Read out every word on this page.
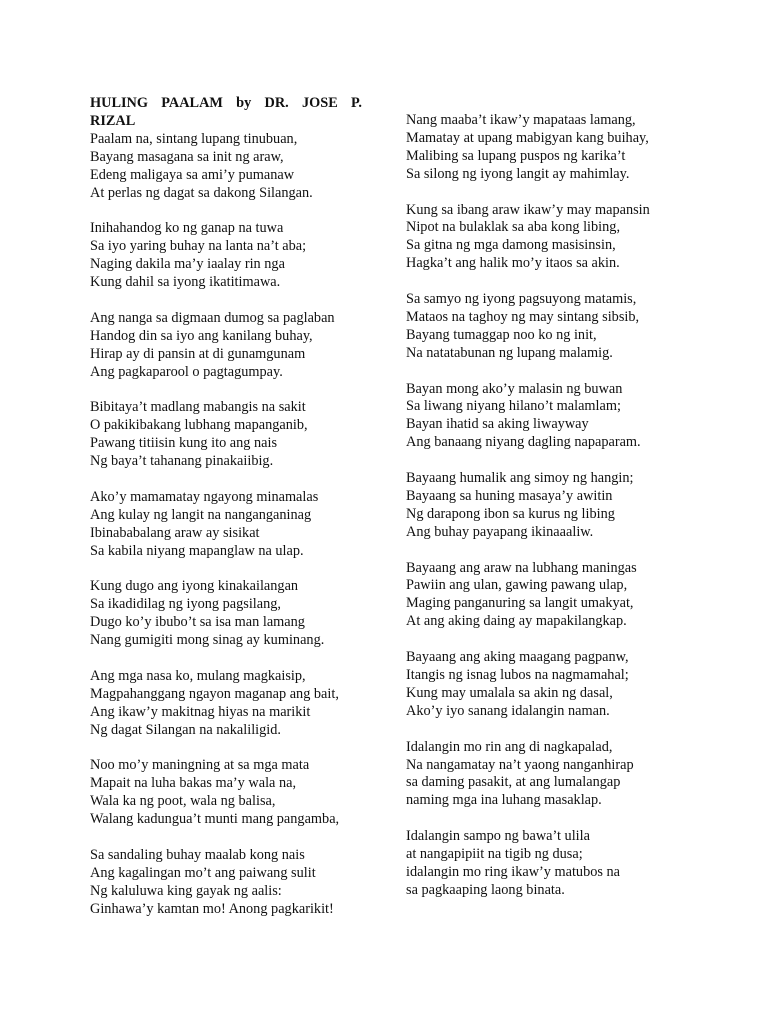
HULING PAALAM by DR. JOSE P. RIZAL

Paalam na, sintang lupang tinubuan,
Bayang masagana sa init ng araw,
Edeng maligaya sa ami’y pumanaw
At perlas ng dagat sa dakong Silangan.
Inihahandog ko ng ganap na tuwa
Sa iyo yaring buhay na lanta na’t aba;
Naging dakila ma’y iaalay rin nga
Kung dahil sa iyong ikatitimawa.
Ang nanga sa digmaan dumog sa paglaban
Handog din sa iyo ang kanilang buhay,
Hirap ay di pansin at di gunamgunam
Ang pagkaparool o pagtagumpay.
Bibitaya’t madlang mabangis na sakit
O pakikibakang lubhang mapanganib,
Pawang titiisin kung ito ang nais
Ng baya’t tahanang pinakaiibig.
Ako’y mamamatay ngayong minamalas
Ang kulay ng langit na nanganganinag
Ibinababalang araw ay sisikat
Sa kabila niyang mapanglaw na ulap.
Kung dugo ang iyong kinakailangan
Sa ikadidilag ng iyong pagsilang,
Dugo ko’y ibubo’t sa isa man lamang
Nang gumigiti mong sinag ay kuminang.
Ang mga nasa ko, mulang magkaisip,
Magpahanggang ngayon maganap ang bait,
Ang ikaw’y makitnag hiyas na marikit
Ng dagat Silangan na nakaliligid.
Noo mo’y maningning at sa mga mata
Mapait na luha bakas ma’y wala na,
Wala ka ng poot, wala ng balisa,
Walang kadungua’t munti mang pangamba,
Sa sandaling buhay maalab kong nais
Ang kagalingan mo’t ang paiwang sulit
Ng kaluluwa king gayak ng aalis:
Ginhawa’y kamtan mo! Anong pagkarikit!
Nang maaba’t ikaw’y mapataas lamang,
Mamatay at upang mabigyan kang buihay,
Malibing sa lupang puspos ng karika’t
Sa silong ng iyong langit ay mahimlay.
Kung sa ibang araw ikaw’y may mapansin
Nipot na bulaklak sa aba kong libing,
Sa gitna ng mga damong masisinsin,
Hagka’t ang halik mo’y itaos sa akin.
Sa samyo ng iyong pagsuyong matamis,
Mataos na taghoy ng may sintang sibsib,
Bayang tumaggap noo ko ng init,
Na natatabunan ng lupang malamig.
Bayan mong ako’y malasin ng buwan
Sa liwang niyang hilano’t malamlam;
Bayan ihatid sa aking liwayway
Ang banaang niyang dagling napaparam.
Bayaang humalik ang simoy ng hangin;
Bayaang sa huning masaya’y awitin
Ng darapong ibon sa kurus ng libing
Ang buhay payapang ikinaaaliw.
Bayaang ang araw na lubhang maningas
Pawiin ang ulan, gawing pawang ulap,
Maging panganuring sa langit umakyat,
At ang aking daing ay mapakilangkap.
Bayaang ang aking maagang pagpanw,
Itangis ng isnag lubos na nagmamahal;
Kung may umalala sa akin ng dasal,
Ako’y iyo sanang idalangin naman.
Idalangin mo rin ang di nagkapalad,
Na nangamatay na’t yaong nanganhirap
sa daming pasakit, at ang lumalangap
naming mga ina luhang masaklap.
Idalangin sampo ng bawa’t ulila
at nangapipiit na tigib ng dusa;
idalangin mo ring ikaw’y matubos na
sa pagkaaping laong binata.
